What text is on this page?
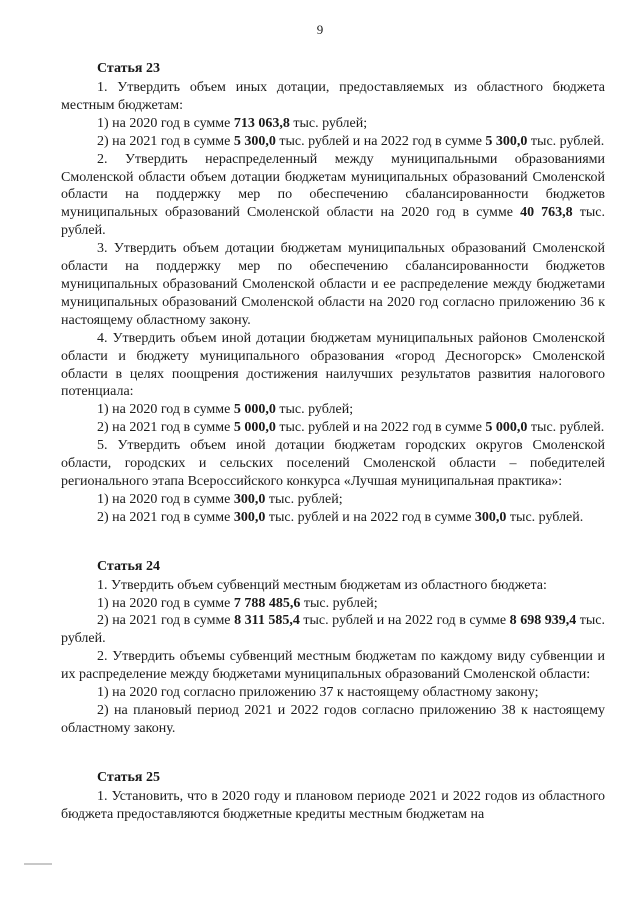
9
Статья 23
1. Утвердить объем иных дотации, предоставляемых из областного бюджета местным бюджетам:
1) на 2020 год в сумме 713 063,8 тыс. рублей;
2) на 2021 год в сумме 5 300,0 тыс. рублей и на 2022 год в сумме 5 300,0 тыс. рублей.
2. Утвердить нераспределенный между муниципальными образованиями Смоленской области объем дотации бюджетам муниципальных образований Смоленской области на поддержку мер по обеспечению сбалансированности бюджетов муниципальных образований Смоленской области на 2020 год в сумме 40 763,8 тыс. рублей.
3. Утвердить объем дотации бюджетам муниципальных образований Смоленской области на поддержку мер по обеспечению сбалансированности бюджетов муниципальных образований Смоленской области и ее распределение между бюджетами муниципальных образований Смоленской области на 2020 год согласно приложению 36 к настоящему областному закону.
4. Утвердить объем иной дотации бюджетам муниципальных районов Смоленской области и бюджету муниципального образования «город Десногорск» Смоленской области в целях поощрения достижения наилучших результатов развития налогового потенциала:
1) на 2020 год в сумме 5 000,0 тыс. рублей;
2) на 2021 год в сумме 5 000,0 тыс. рублей и на 2022 год в сумме 5 000,0 тыс. рублей.
5. Утвердить объем иной дотации бюджетам городских округов Смоленской области, городских и сельских поселений Смоленской области – победителей регионального этапа Всероссийского конкурса «Лучшая муниципальная практика»:
1) на 2020 год в сумме 300,0 тыс. рублей;
2) на 2021 год в сумме 300,0 тыс. рублей и на 2022 год в сумме 300,0 тыс. рублей.
Статья 24
1. Утвердить объем субвенций местным бюджетам из областного бюджета:
1) на 2020 год в сумме 7 788 485,6 тыс. рублей;
2) на 2021 год в сумме 8 311 585,4 тыс. рублей и на 2022 год в сумме 8 698 939,4 тыс. рублей.
2. Утвердить объемы субвенций местным бюджетам по каждому виду субвенции и их распределение между бюджетами муниципальных образований Смоленской области:
1) на 2020 год согласно приложению 37 к настоящему областному закону;
2) на плановый период 2021 и 2022 годов согласно приложению 38 к настоящему областному закону.
Статья 25
1. Установить, что в 2020 году и плановом периоде 2021 и 2022 годов из областного бюджета предоставляются бюджетные кредиты местным бюджетам на
